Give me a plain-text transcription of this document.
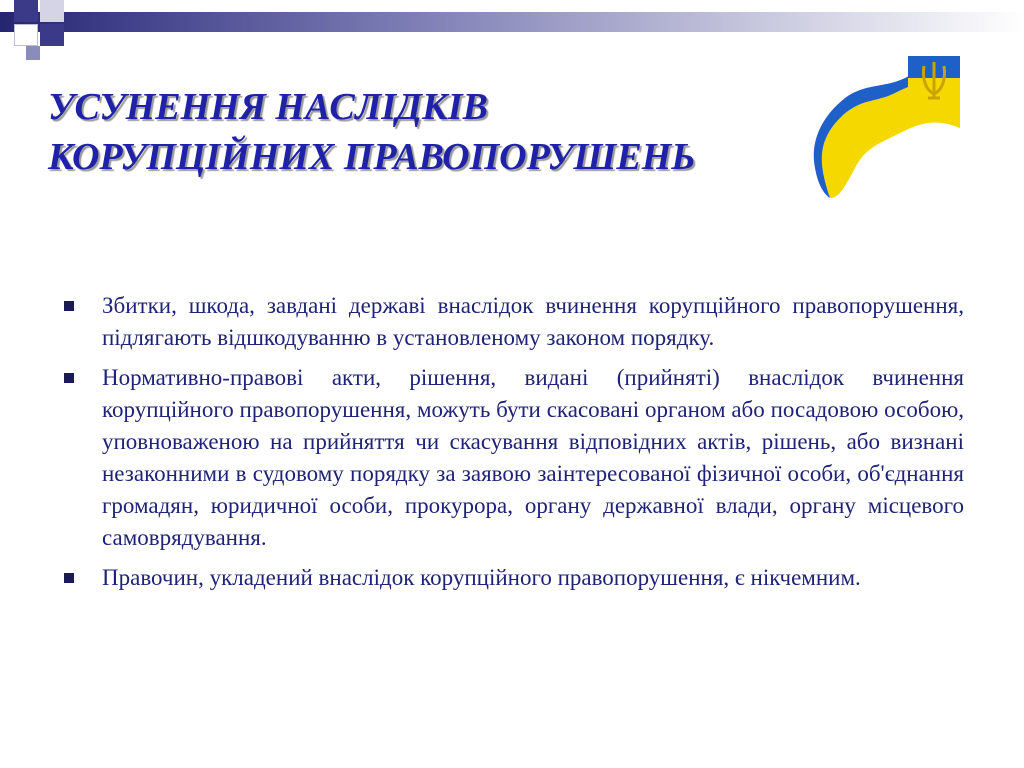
УСУНЕННЯ НАСЛІДКІВ
КОРУПЦІЙНИХ ПРАВОПОРУШЕНЬ
Збитки, шкода, завдані державі внаслідок вчинення корупційного правопорушення, підлягають відшкодуванню в установленому законом порядку.
Нормативно-правові акти, рішення, видані (прийняті) внаслідок вчинення корупційного правопорушення, можуть бути скасовані органом або посадовою особою, уповноваженою на прийняття чи скасування відповідних актів, рішень, або визнані незаконними в судовому порядку за заявою заінтересованої фізичної особи, об'єднання громадян, юридичної особи, прокурора, органу державної влади, органу місцевого самоврядування.
Правочин, укладений внаслідок корупційного правопорушення, є нікчемним.
